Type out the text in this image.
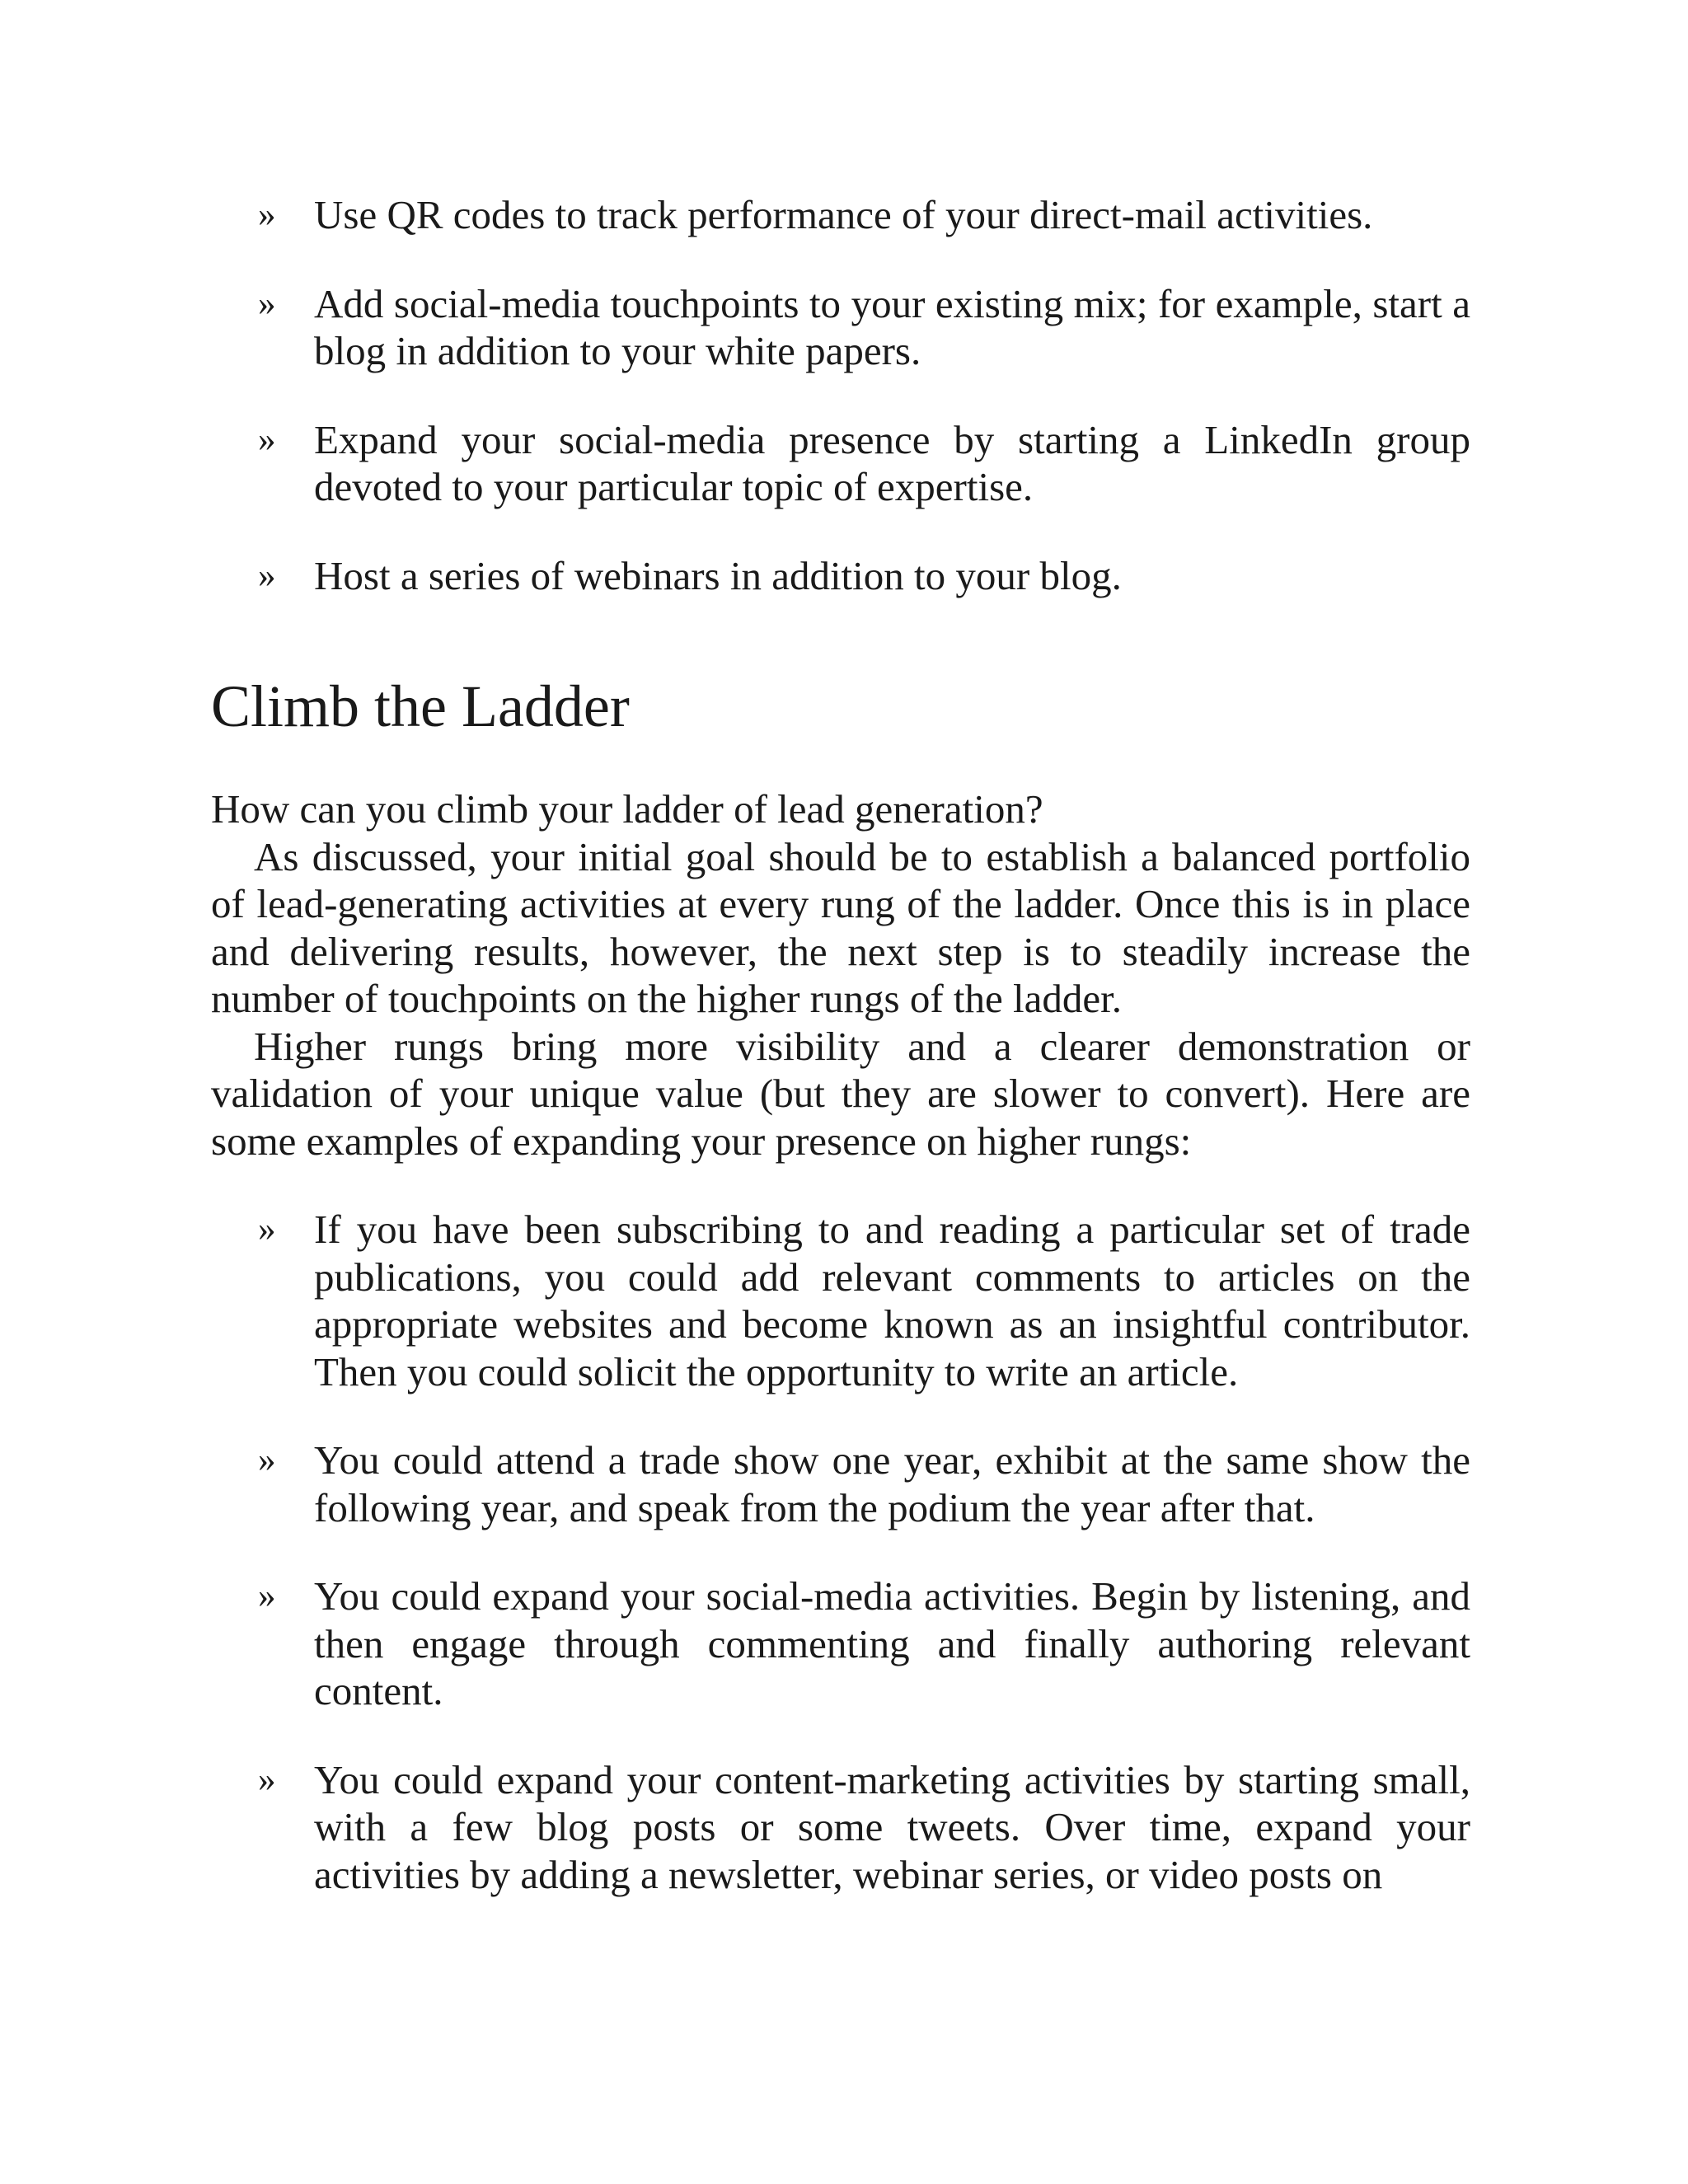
» Use QR codes to track performance of your direct-mail activities.
» Add social-media touchpoints to your existing mix; for example, start a blog in addition to your white papers.
» Expand your social-media presence by starting a LinkedIn group devoted to your particular topic of expertise.
» Host a series of webinars in addition to your blog.
Climb the Ladder

How can you climb your ladder of lead generation?

As discussed, your initial goal should be to establish a balanced portfolio of lead-generating activities at every rung of the ladder. Once this is in place and delivering results, however, the next step is to steadily increase the number of touchpoints on the higher rungs of the ladder.

Higher rungs bring more visibility and a clearer demonstration or validation of your unique value (but they are slower to convert). Here are some examples of expanding your presence on higher rungs:

» If you have been subscribing to and reading a particular set of trade publications, you could add relevant comments to articles on the appropriate websites and become known as an insightful contributor. Then you could solicit the opportunity to write an article.
» You could attend a trade show one year, exhibit at the same show the following year, and speak from the podium the year after that.
» You could expand your social-media activities. Begin by listening, and then engage through commenting and finally authoring relevant content.
» You could expand your content-marketing activities by starting small, with a few blog posts or some tweets. Over time, expand your activities by adding a newsletter, webinar series, or video posts on
